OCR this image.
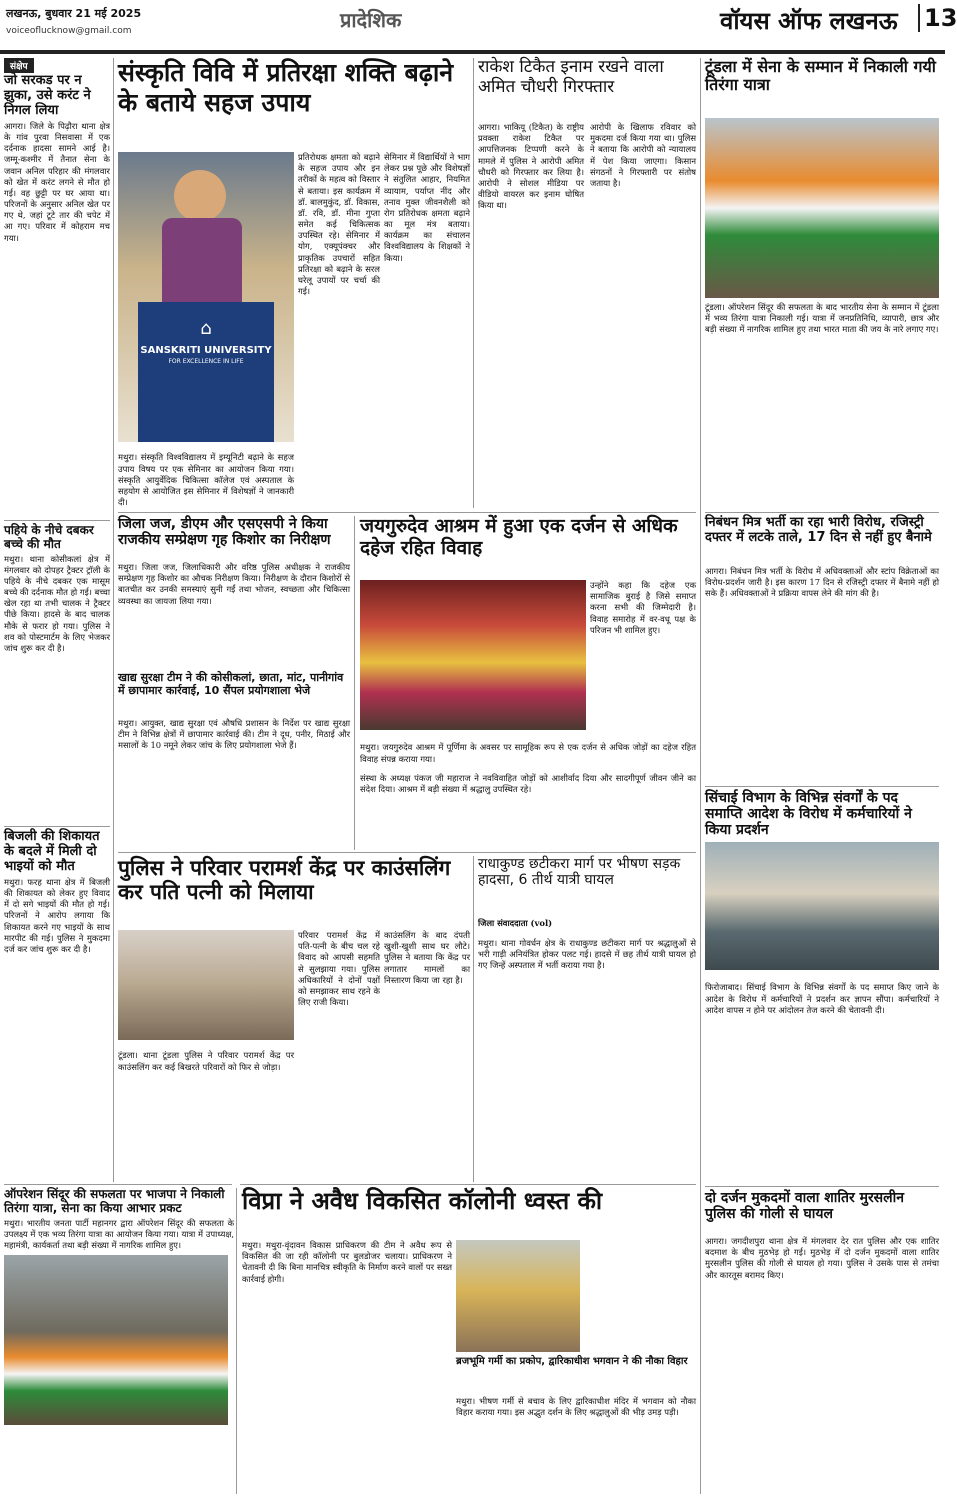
लखनऊ, बुधवार 21 मई 2025
voiceoflucknow@gmail.com	प्रादेशिक	वॉयस ऑफ लखनऊ 13
संक्षेप

जो सरकड पर न झुका, उसे करंट ने निगल लिया

आगरा। जिले के पिढ़ौरा थाना क्षेत्र के गांव पुरवा निसवासा में एक दर्दनाक हादसा सामने आई है। जम्मू-कश्मीर में तैनात सेना के जवान अनिल परिहार की मंगलवार को खेत में करंट लगने से मौत हो गई। वह छुट्टी पर घर आया था। परिजनों के अनुसार अनिल खेत पर गए थे, जहां टूटे तार की चपेट में आ गए। परिवार में कोहराम मच गया।

पहिये के नीचे दबकर बच्चे की मौत

मथुरा। थाना कोसीकलां क्षेत्र में मंगलवार को दोपहर ट्रैक्टर ट्रॉली के पहिये के नीचे दबकर एक मासूम बच्चे की दर्दनाक मौत हो गई। बच्चा खेल रहा था तभी चालक ने ट्रैक्टर पीछे किया। हादसे के बाद चालक मौके से फरार हो गया। पुलिस ने शव को पोस्टमार्टम के लिए भेजकर जांच शुरू कर दी है।

बिजली की शिकायत के बदले में मिली दो भाइयों को मौत

मथुरा। फरह थाना क्षेत्र में बिजली की शिकायत को लेकर हुए विवाद में दो सगे भाइयों की मौत हो गई। परिजनों ने आरोप लगाया कि शिकायत करने गए भाइयों के साथ मारपीट की गई। पुलिस ने मुकदमा दर्ज कर जांच शुरू कर दी है।

ऑपरेशन सिंदूर की सफलता पर भाजपा ने निकाली तिरंगा यात्रा, सेना का किया आभार प्रकट

मथुरा। भारतीय जनता पार्टी महानगर द्वारा ऑपरेशन सिंदूर की सफलता के उपलक्ष्य में एक भव्य तिरंगा यात्रा का आयोजन किया गया। यात्रा में उपाध्यक्ष, महामंत्री, कार्यकर्ता तथा बड़ी संख्या में नागरिक शामिल हुए।

संस्कृति विवि में प्रतिरक्षा शक्ति बढ़ाने के बताये सहज उपाय

⌂
SANSKRITI UNIVERSITY
FOR EXCELLENCE IN LIFE

मथुरा। संस्कृति विश्वविद्यालय में इम्यूनिटी बढ़ाने के सहज उपाय विषय पर एक सेमिनार का आयोजन किया गया। संस्कृति आयुर्वेदिक चिकित्सा कॉलेज एवं अस्पताल के सहयोग से आयोजित इस सेमिनार में विशेषज्ञों ने जानकारी दी।

प्रतिरोधक क्षमता को बढ़ाने के सहज उपाय और इन तरीकों के महत्व को विस्तार से बताया। इस कार्यक्रम में डॉ. बालमुकुंद, डॉ. विकास, डॉ. रवि, डॉ. मीना गुप्ता समेत कई चिकित्सक उपस्थित रहे। सेमिनार में योग, एक्यूपंक्चर और प्राकृतिक उपचारों सहित प्रतिरक्षा को बढ़ाने के सरल घरेलू उपायों पर चर्चा की गई।

सेमिनार में विद्यार्थियों ने भाग लेकर प्रश्न पूछे और विशेषज्ञों ने संतुलित आहार, नियमित व्यायाम, पर्याप्त नींद और तनाव मुक्त जीवनशैली को रोग प्रतिरोधक क्षमता बढ़ाने का मूल मंत्र बताया। कार्यक्रम का संचालन विश्वविद्यालय के शिक्षकों ने किया।

राकेश टिकैत इनाम रखने वाला अमित चौधरी गिरफ्तार

आगरा। भाकियू (टिकैत) के राष्ट्रीय प्रवक्ता राकेश टिकैत पर आपत्तिजनक टिप्पणी करने के मामले में पुलिस ने आरोपी अमित चौधरी को गिरफ्तार कर लिया है। आरोपी ने सोशल मीडिया पर वीडियो वायरल कर इनाम घोषित किया था।

आरोपी के खिलाफ रविवार को मुकदमा दर्ज किया गया था। पुलिस ने बताया कि आरोपी को न्यायालय में पेश किया जाएगा। किसान संगठनों ने गिरफ्तारी पर संतोष जताया है।

टूंडला में सेना के सम्मान में निकाली गयी तिरंगा यात्रा

टूंडला। ऑपरेशन सिंदूर की सफलता के बाद भारतीय सेना के सम्मान में टूंडला में भव्य तिरंगा यात्रा निकाली गई। यात्रा में जनप्रतिनिधि, व्यापारी, छात्र और बड़ी संख्या में नागरिक शामिल हुए तथा भारत माता की जय के नारे लगाए गए।

निबंधन मित्र भर्ती का रहा भारी विरोध, रजिस्ट्री दफ्तर में लटके ताले, 17 दिन से नहीं हुए बैनामे

आगरा। निबंधन मित्र भर्ती के विरोध में अधिवक्ताओं और स्टांप विक्रेताओं का विरोध-प्रदर्शन जारी है। इस कारण 17 दिन से रजिस्ट्री दफ्तर में बैनामे नहीं हो सके हैं। अधिवक्ताओं ने प्रक्रिया वापस लेने की मांग की है।

सिंचाई विभाग के विभिन्न संवर्गों के पद समाप्ति आदेश के विरोध में कर्मचारियों ने किया प्रदर्शन

फिरोजाबाद। सिंचाई विभाग के विभिन्न संवर्गों के पद समाप्त किए जाने के आदेश के विरोध में कर्मचारियों ने प्रदर्शन कर ज्ञापन सौंपा। कर्मचारियों ने आदेश वापस न होने पर आंदोलन तेज करने की चेतावनी दी।

दो दर्जन मुकदमों वाला शातिर मुरसलीन पुलिस की गोली से घायल

आगरा। जगदीशपुरा थाना क्षेत्र में मंगलवार देर रात पुलिस और एक शातिर बदमाश के बीच मुठभेड़ हो गई। मुठभेड़ में दो दर्जन मुकदमों वाला शातिर मुरसलीन पुलिस की गोली से घायल हो गया। पुलिस ने उसके पास से तमंचा और कारतूस बरामद किए।

जिला जज, डीएम और एसएसपी ने किया राजकीय सम्प्रेक्षण गृह किशोर का निरीक्षण

मथुरा। जिला जज, जिलाधिकारी और वरिष्ठ पुलिस अधीक्षक ने राजकीय सम्प्रेक्षण गृह किशोर का औचक निरीक्षण किया। निरीक्षण के दौरान किशोरों से बातचीत कर उनकी समस्याएं सुनी गईं तथा भोजन, स्वच्छता और चिकित्सा व्यवस्था का जायजा लिया गया।

खाद्य सुरक्षा टीम ने की कोसीकलां, छाता, मांट, पानीगांव में छापामार कार्रवाई, 10 सैंपल प्रयोगशाला भेजे

मथुरा। आयुक्त, खाद्य सुरक्षा एवं औषधि प्रशासन के निर्देश पर खाद्य सुरक्षा टीम ने विभिन्न क्षेत्रों में छापामार कार्रवाई की। टीम ने दूध, पनीर, मिठाई और मसालों के 10 नमूने लेकर जांच के लिए प्रयोगशाला भेजे हैं।

जयगुरुदेव आश्रम में हुआ एक दर्जन से अधिक दहेज रहित विवाह

उन्होंने कहा कि दहेज एक सामाजिक बुराई है जिसे समाप्त करना सभी की जिम्मेदारी है। विवाह समारोह में वर-वधू पक्ष के परिजन भी शामिल हुए।

मथुरा। जयगुरुदेव आश्रम में पूर्णिमा के अवसर पर सामूहिक रूप से एक दर्जन से अधिक जोड़ों का दहेज रहित विवाह संपन्न कराया गया।

संस्था के अध्यक्ष पंकज जी महाराज ने नवविवाहित जोड़ों को आशीर्वाद दिया और सादगीपूर्ण जीवन जीने का संदेश दिया। आश्रम में बड़ी संख्या में श्रद्धालु उपस्थित रहे।

पुलिस ने परिवार परामर्श केंद्र पर काउंसलिंग कर पति पत्नी को मिलाया

टूंडला। थाना टूंडला पुलिस ने परिवार परामर्श केंद्र पर काउंसलिंग कर कई बिखरते परिवारों को फिर से जोड़ा।

परिवार परामर्श केंद्र में पति-पत्नी के बीच चल रहे विवाद को आपसी सहमति से सुलझाया गया। पुलिस अधिकारियों ने दोनों पक्षों को समझाकर साथ रहने के लिए राजी किया।

काउंसलिंग के बाद दंपती खुशी-खुशी साथ घर लौटे। पुलिस ने बताया कि केंद्र पर लगातार मामलों का निस्तारण किया जा रहा है।

राधाकुण्ड छटीकरा मार्ग पर भीषण सड़क हादसा, 6 तीर्थ यात्री घायल

जिला संवाददाता (vol)

मथुरा। थाना गोवर्धन क्षेत्र के राधाकुण्ड छटीकरा मार्ग पर श्रद्धालुओं से भरी गाड़ी अनियंत्रित होकर पलट गई। हादसे में छह तीर्थ यात्री घायल हो गए जिन्हें अस्पताल में भर्ती कराया गया है।

विप्रा ने अवैध विकसित कॉलोनी ध्वस्त की

मथुरा। मथुरा-वृंदावन विकास प्राधिकरण की टीम ने अवैध रूप से विकसित की जा रही कॉलोनी पर बुलडोजर चलाया। प्राधिकरण ने चेतावनी दी कि बिना मानचित्र स्वीकृति के निर्माण करने वालों पर सख्त कार्रवाई होगी।

ब्रजभूमि गर्मी का प्रकोप, द्वारिकाधीश भगवान ने की नौका विहार

मथुरा। भीषण गर्मी से बचाव के लिए द्वारिकाधीश मंदिर में भगवान को नौका विहार कराया गया। इस अद्भुत दर्शन के लिए श्रद्धालुओं की भीड़ उमड़ पड़ी।
